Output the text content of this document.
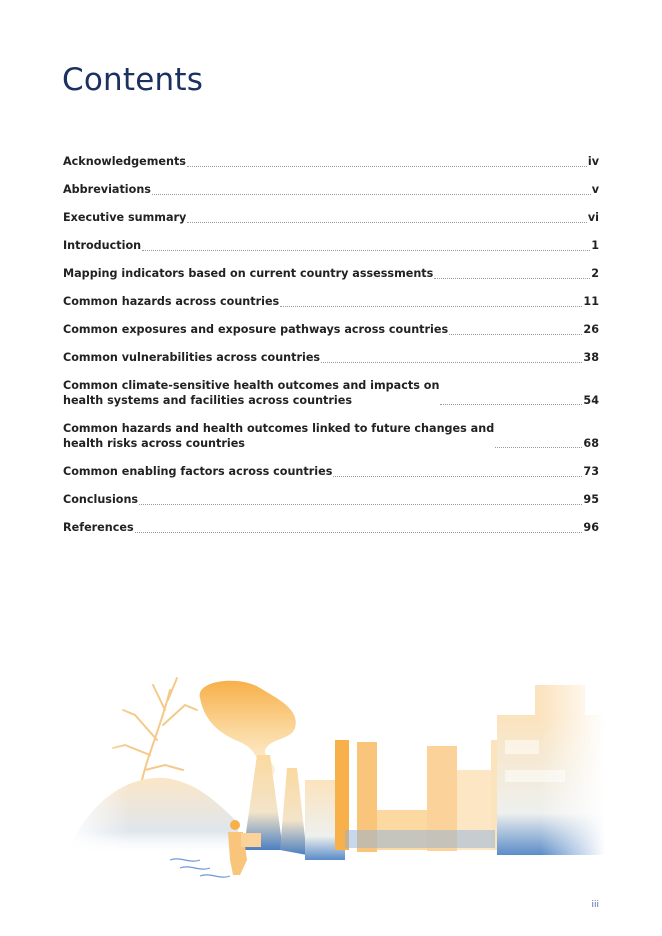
Contents
Acknowledgements	iv
Abbreviations	v
Executive summary	vi
Introduction	1
Mapping indicators based on current country assessments	2
Common hazards across countries	11
Common exposures and exposure pathways across countries	26
Common vulnerabilities across countries	38
Common climate-sensitive health outcomes and impacts on
health systems and facilities across countries	54
Common hazards and health outcomes linked to future changes and
health risks across countries	68
Common enabling factors across countries	73
Conclusions	95
References	96
iii
